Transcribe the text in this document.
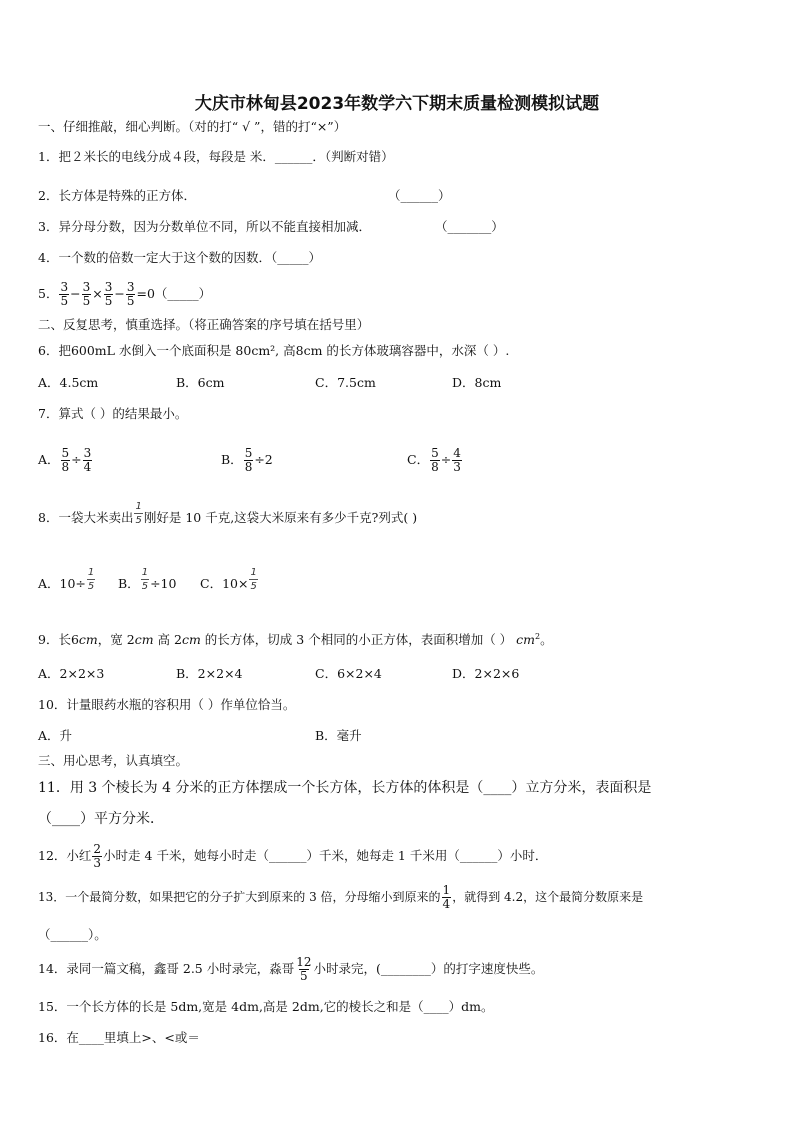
大庆市林甸县2023年数学六下期末质量检测模拟试题
一、仔细推敲，细心判断。（对的打“ √ ”，错的打“×”）
1．把２米长的电线分成４段，每段是 米．______．（判断对错）
2．长方体是特殊的正方体．	（______）
3．异分母分数，因为分数单位不同，所以不能直接相加减．	（_______）
4．一个数的倍数一定大于这个数的因数．（_____）
5． $\frac{3}{5} - \frac{3}{5} \times \frac{3}{5} - \frac{3}{5}$ =0（_____）
二、反复思考，慎重选择。（将正确答案的序号填在括号里）
6．把600mL 水倒入一个底面积是 80cm², 高8cm 的长方体玻璃容器中，水深（ ）.
A．4.5cm	B．6cm	C．7.5cm	D．8cm
7．算式（ ）的结果最小。
A． $\frac{5}{8} \div \frac{3}{4}$	B． $\frac{5}{8} \div 2$	C． $\frac{5}{8} \div \frac{4}{3}$
8．一袋大米卖出 $\frac{1}{5}$ 刚好是 10 千克,这袋大米原来有多少千克?列式( )
A．$10\div \frac{1}{5}$ B． $\frac{1}{5} \div 10$ C．$10\times \frac{1}{5}$
9．长6cm，宽 2cm 高 2cm 的长方体，切成 3 个相同的小正方体，表面积增加（ ） $cm^2$。
A．2×2×3	B．2×2×4	C．6×2×4	D．2×2×6
10．计量眼药水瓶的容积用（ ）作单位恰当。
A．升	B．毫升
三、用心思考，认真填空。
11．用 3 个棱长为 4 分米的正方体摆成一个长方体，长方体的体积是（____）立方分米，表面积是
（____）平方分米．
12．小红 $\frac{2}{3}$ 小时走 4 千米，她每小时走（______）千米，她每走 1 千米用（______）小时．
13．一个最简分数，如果把它的分子扩大到原来的 3 倍，分母缩小到原来的 $\frac{1}{4}$ ，就得到 4.2，这个最简分数原来是
（______）。
14．录同一篇文稿，鑫哥 2.5 小时录完，淼哥 $\frac{12}{5}$ 小时录完，(________）的打字速度快些。
15．一个长方体的长是 5dm,宽是 4dm,高是 2dm,它的棱长之和是（____）dm。
16．在____里填上>、<或＝
